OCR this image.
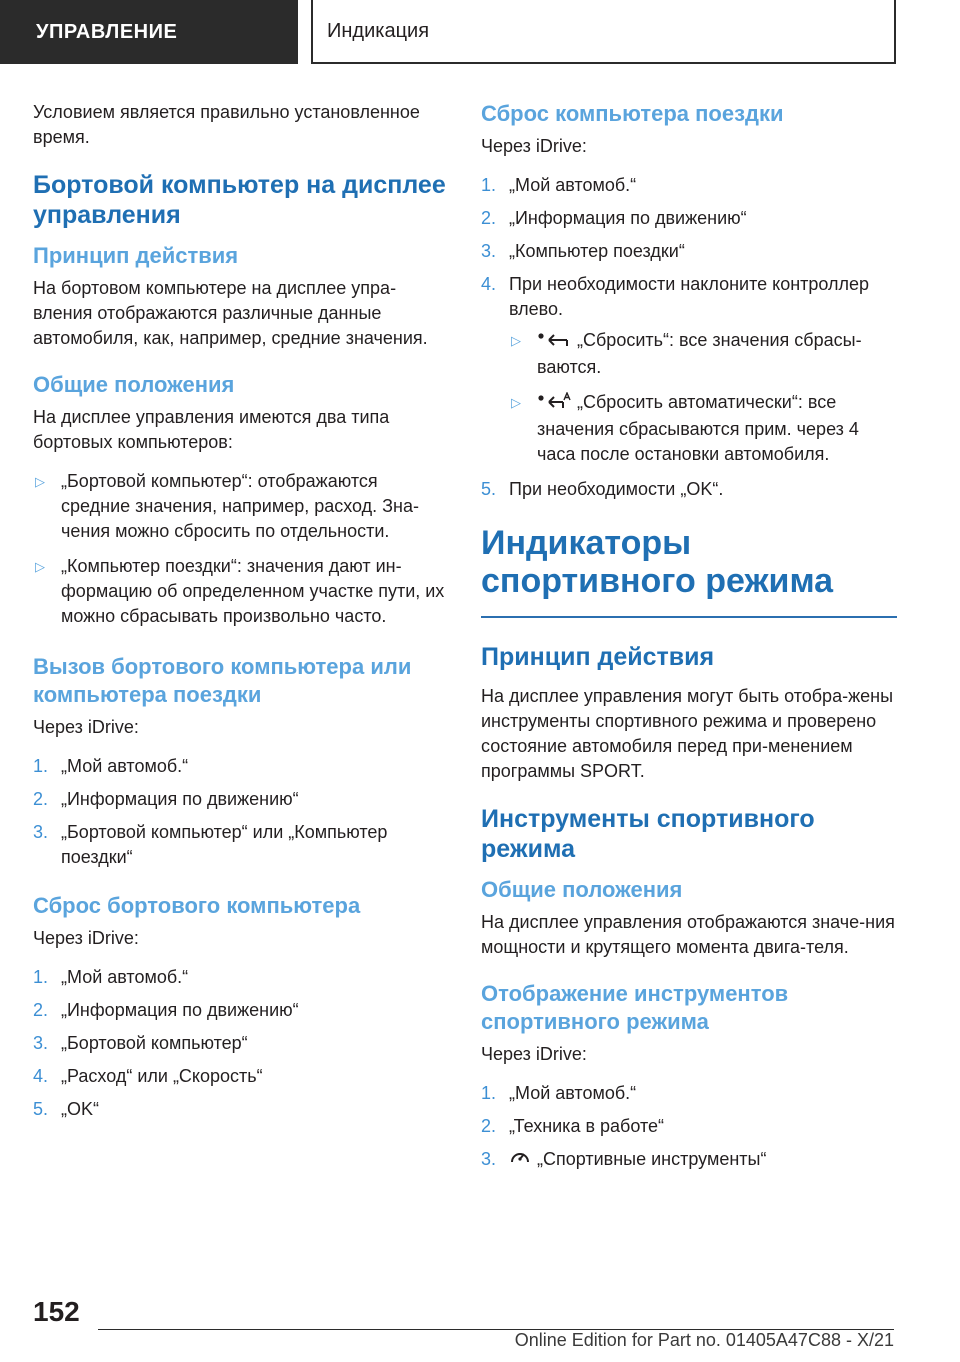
УПРАВЛЕНИЕ	Индикация

Условием является правильно установленное время.

Бортовой компьютер на дисплее управления
Принцип действия

На бортовом компьютере на дисплее упра-вления отображаются различные данные автомобиля, как, например, средние значения.

Общие положения

На дисплее управления имеются два типа бортовых компьютеров:

▷ „Бортовой компьютер“: отображаются средние значения, например, расход. Зна-чения можно сбросить по отдельности.
▷ „Компьютер поездки“: значения дают ин-формацию об определенном участке пути, их можно сбрасывать произвольно часто.
Вызов бортового компьютера или компьютера поездки

Через iDrive:

1. „Мой автомоб.“
2. „Информация по движению“
3. „Бортовой компьютер“ или „Компьютер поездки“
Сброс бортового компьютера

Через iDrive:

1. „Мой автомоб.“
2. „Информация по движению“
3. „Бортовой компьютер“
4. „Расход“ или „Скорость“
5. „OK“
Сброс компьютера поездки

Через iDrive:

1. „Мой автомоб.“
2. „Информация по движению“
3. „Компьютер поездки“
4. При необходимости наклоните контроллер влево.
▷	„Сбросить“: все значения сбрасы-ваются.
▷	„Сбросить автоматически“: все значения сбрасываются прим. через 4 часа после остановки автомобиля.
5. При необходимости „OK“.
Индикаторы спортивного режима
Принцип действия

На дисплее управления могут быть отобра-жены инструменты спортивного режима и проверено состояние автомобиля перед при-менением программы SPORT.

Инструменты спортивного режима
Общие положения

На дисплее управления отображаются значе-ния мощности и крутящего момента двига-теля.

Отображение инструментов спортивного режима

Через iDrive:

1. „Мой автомоб.“
2. „Техника в работе“
3. „Спортивные инструменты“
152
Online Edition for Part no. 01405A47C88 - X/21
